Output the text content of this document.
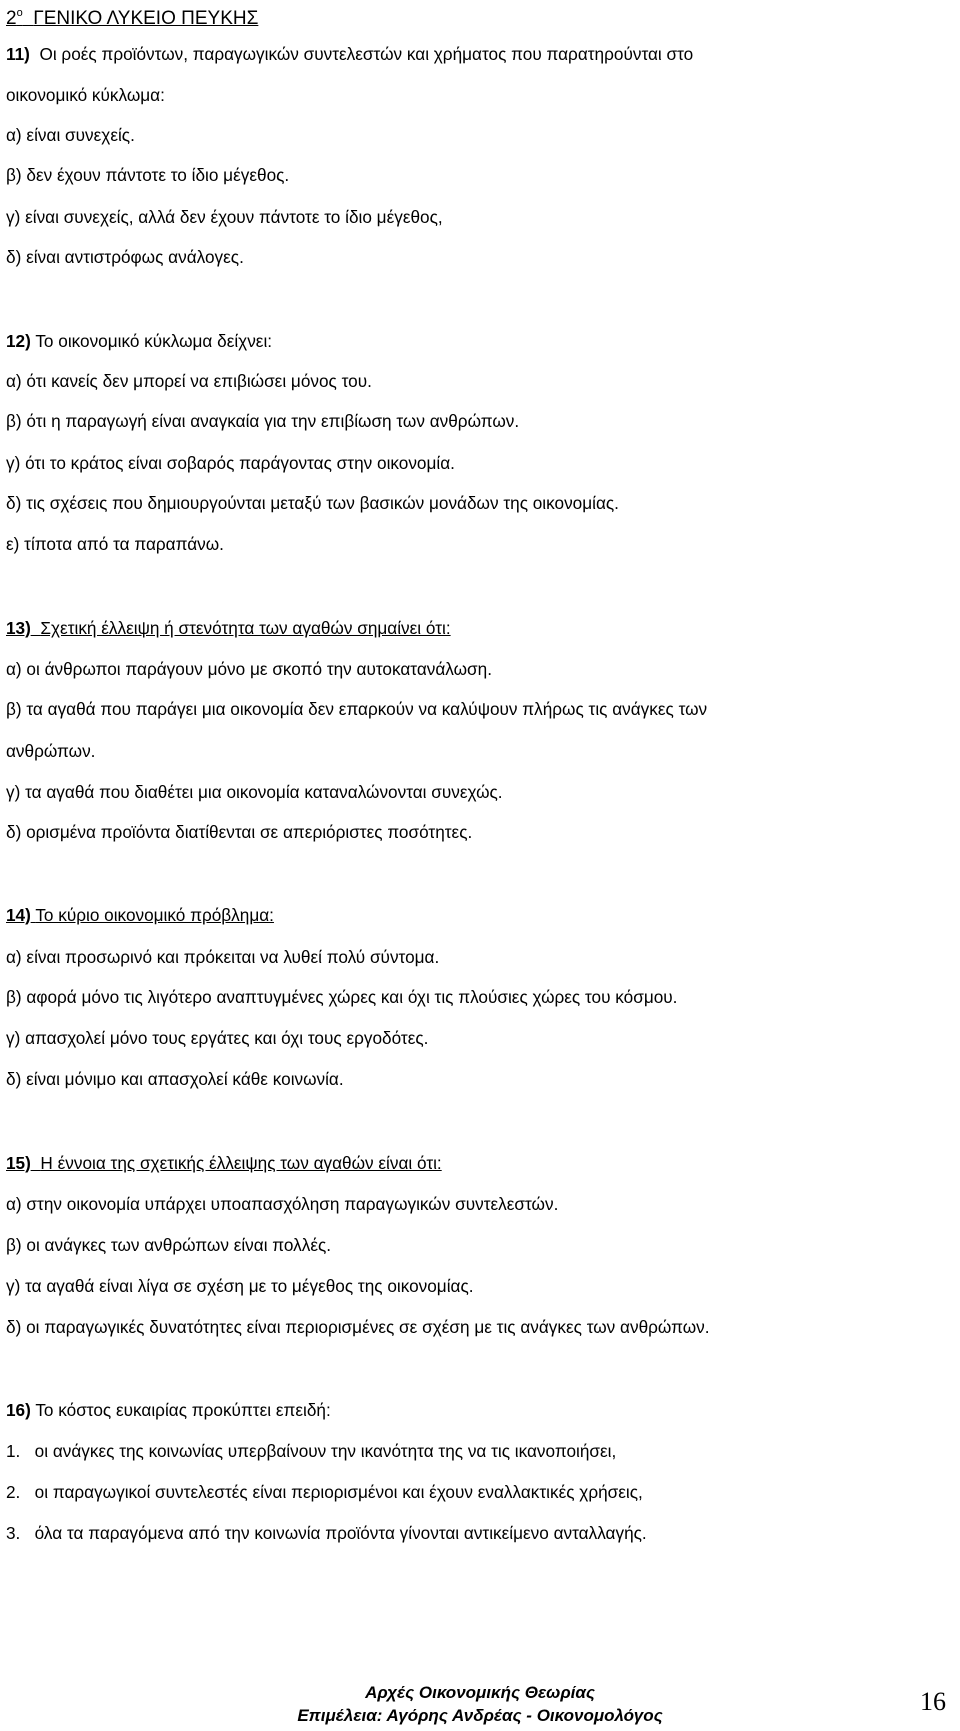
$2^o$ ΓΕΝΙΚΟ ΛΥΚΕΙΟ ΠΕΥΚΗΣ
11) Οι ροές προϊόντων, παραγωγικών συντελεστών και χρήματος που παρατηρούνται στο
οικονομικό κύκλωμα:
α) είναι συνεχείς.
β) δεν έχουν πάντοτε το ίδιο μέγεθος.
γ) είναι συνεχείς, αλλά δεν έχουν πάντοτε το ίδιο μέγεθος,
δ) είναι αντιστρόφως ανάλογες.
12) Το οικονομικό κύκλωμα δείχνει:
α) ότι κανείς δεν μπορεί να επιβιώσει μόνος του.
β) ότι η παραγωγή είναι αναγκαία για την επιβίωση των ανθρώπων.
γ) ότι το κράτος είναι σοβαρός παράγοντας στην οικονομία.
δ) τις σχέσεις που δημιουργούνται μεταξύ των βασικών μονάδων της οικονομίας.
ε) τίποτα από τα παραπάνω.
13) Σχετική έλλειψη ή στενότητα των αγαθών σημαίνει ότι:
α) οι άνθρωποι παράγουν μόνο με σκοπό την αυτοκατανάλωση.
β) τα αγαθά που παράγει μια οικονομία δεν επαρκούν να καλύψουν πλήρως τις ανάγκες των
ανθρώπων.
γ) τα αγαθά που διαθέτει μια οικονομία καταναλώνονται συνεχώς.
δ) ορισμένα προϊόντα διατίθενται σε απεριόριστες ποσότητες.
14) Το κύριο οικονομικό πρόβλημα:
α) είναι προσωρινό και πρόκειται να λυθεί πολύ σύντομα.
β) αφορά μόνο τις λιγότερο αναπτυγμένες χώρες και όχι τις πλούσιες χώρες του κόσμου.
γ) απασχολεί μόνο τους εργάτες και όχι τους εργοδότες.
δ) είναι μόνιμο και απασχολεί κάθε κοινωνία.
15) Η έννοια της σχετικής έλλειψης των αγαθών είναι ότι:
α) στην οικονομία υπάρχει υποαπασχόληση παραγωγικών συντελεστών.
β) οι ανάγκες των ανθρώπων είναι πολλές.
γ) τα αγαθά είναι λίγα σε σχέση με το μέγεθος της οικονομίας.
δ) οι παραγωγικές δυνατότητες είναι περιορισμένες σε σχέση με τις ανάγκες των ανθρώπων.
16) Το κόστος ευκαιρίας προκύπτει επειδή:
1. οι ανάγκες της κοινωνίας υπερβαίνουν την ικανότητα της να τις ικανοποιήσει,
2. οι παραγωγικοί συντελεστές είναι περιορισμένοι και έχουν εναλλακτικές χρήσεις,
3. όλα τα παραγόμενα από την κοινωνία προϊόντα γίνονται αντικείμενο ανταλλαγής.
Αρχές Οικονομικής Θεωρίας
Επιμέλεια: Αγόρης Ανδρέας - Οικονομολόγος	16
